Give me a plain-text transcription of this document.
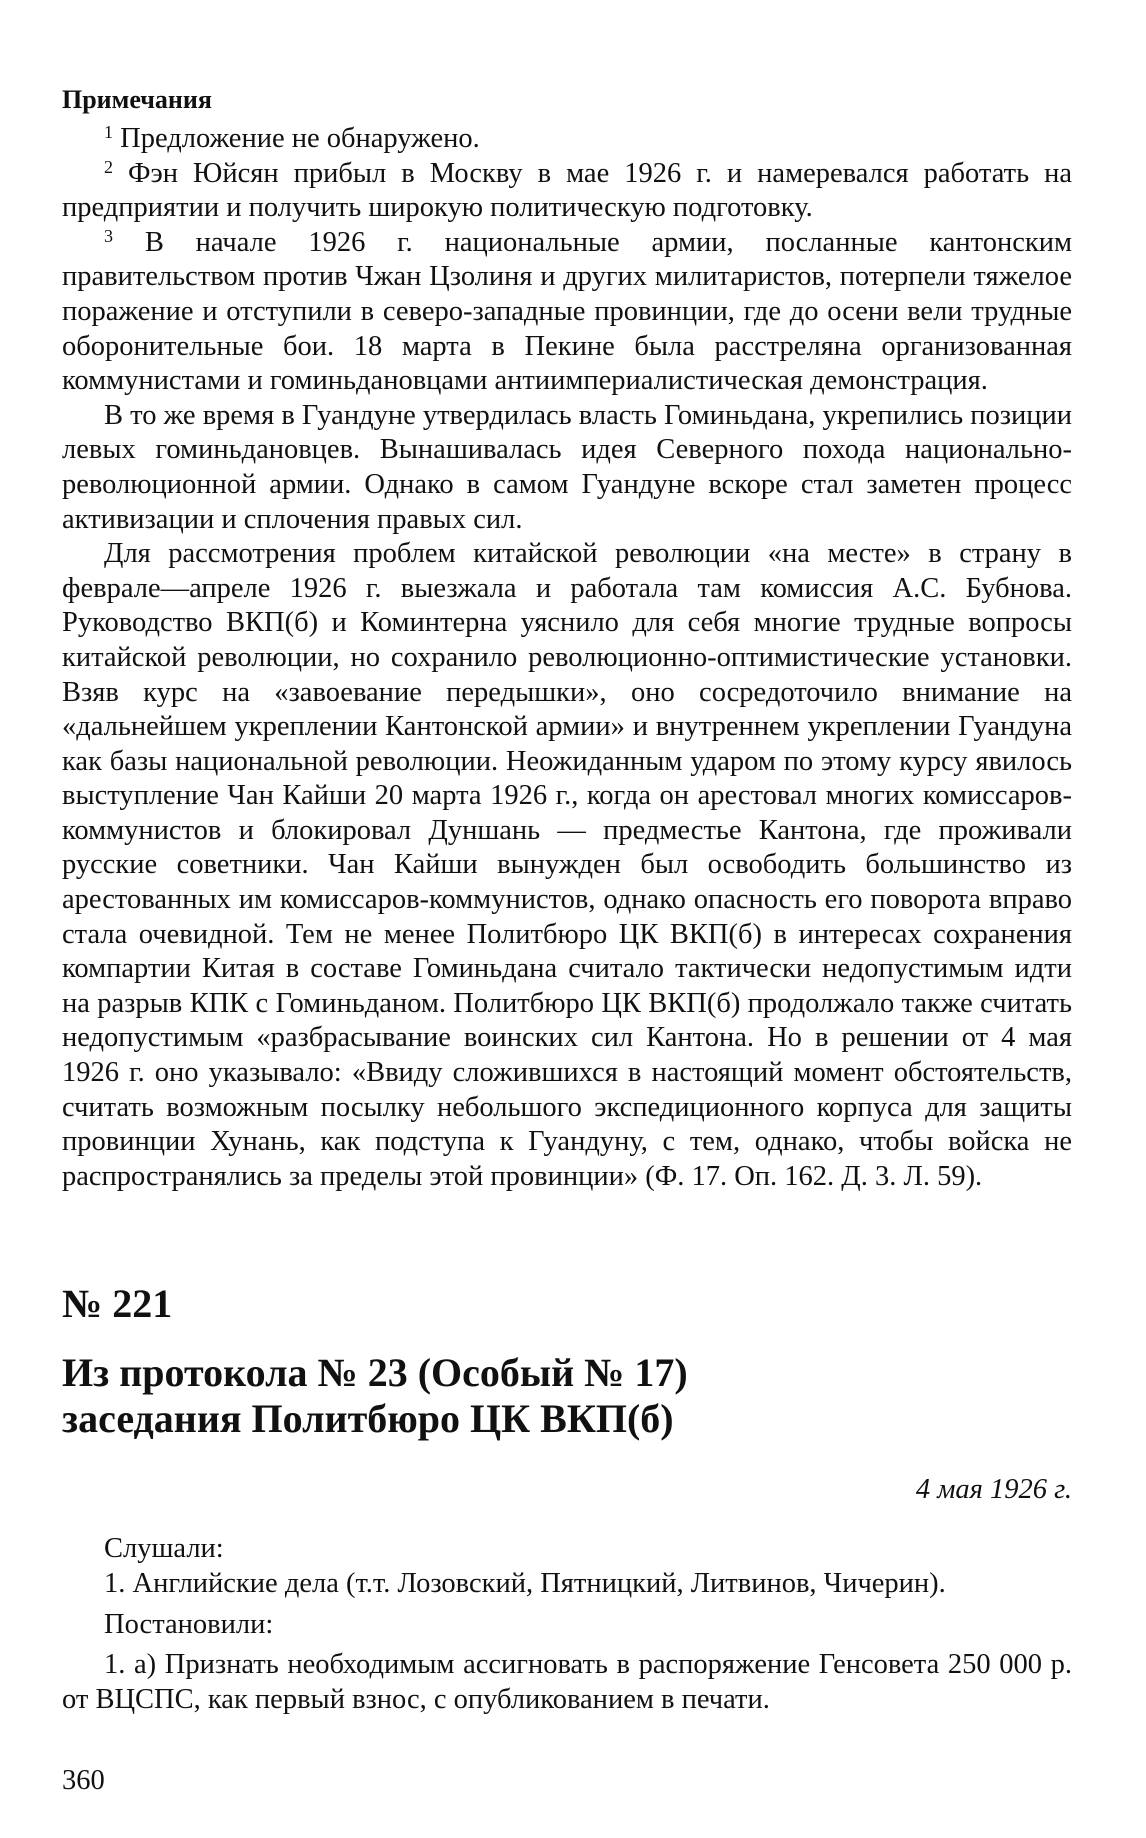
Примечания

$^1$ Предложение не обнаружено.

$^2$ Фэн Юйсян прибыл в Москву в мае 1926 г. и намеревался работать на предприятии и получить широкую политическую подготовку.

$^3$ В начале 1926 г. национальные армии, посланные кантонским правительством против Чжан Цзолиня и других милитаристов, потерпели тяжелое поражение и отступили в северо-западные провинции, где до осени вели трудные оборонительные бои. 18 марта в Пекине была расстреляна организованная коммунистами и гоминьдановцами антиимпериалистическая демонстрация.

В то же время в Гуандуне утвердилась власть Гоминьдана, укрепились позиции левых гоминьдановцев. Вынашивалась идея Северного похода национально-революционной армии. Однако в самом Гуандуне вскоре стал заметен процесс активизации и сплочения правых сил.

Для рассмотрения проблем китайской революции «на месте» в страну в феврале—апреле 1926 г. выезжала и работала там комиссия А.С. Бубнова. Руководство ВКП(б) и Коминтерна уяснило для себя многие трудные вопросы китайской революции, но сохранило революционно-оптимистические установки. Взяв курс на «завоевание передышки», оно сосредоточило внимание на «дальнейшем укреплении Кантонской армии» и внутреннем укреплении Гуандуна как базы национальной революции. Неожиданным ударом по этому курсу явилось выступление Чан Кайши 20 марта 1926 г., когда он арестовал многих комиссаров-коммунистов и блокировал Дуншань — предместье Кантона, где проживали русские советники. Чан Кайши вынужден был освободить большинство из арестованных им комиссаров-коммунистов, однако опасность его поворота вправо стала очевидной. Тем не менее Политбюро ЦК ВКП(б) в интересах сохранения компартии Китая в составе Гоминьдана считало тактически недопустимым идти на разрыв КПК с Гоминьданом. Политбюро ЦК ВКП(б) продолжало также считать недопустимым «разбрасывание воинских сил Кантона. Но в решении от 4 мая 1926 г. оно указывало: «Ввиду сложившихся в настоящий момент обстоятельств, считать возможным посылку небольшого экспедиционного корпуса для защиты провинции Хунань, как подступа к Гуандуну, с тем, однако, чтобы войска не распространялись за пределы этой провинции» (Ф. 17. Оп. 162. Д. 3. Л. 59).

№ 221
Из протокола № 23 (Особый № 17)
заседания Политбюро ЦК ВКП(б)
4 мая 1926 г.

Слушали:

1. Английские дела (т.т. Лозовский, Пятницкий, Литвинов, Чичерин).

Постановили:

1. а) Признать необходимым ассигновать в распоряжение Генсовета 250 000 р. от ВЦСПС, как первый взнос, с опубликованием в печати.

360
